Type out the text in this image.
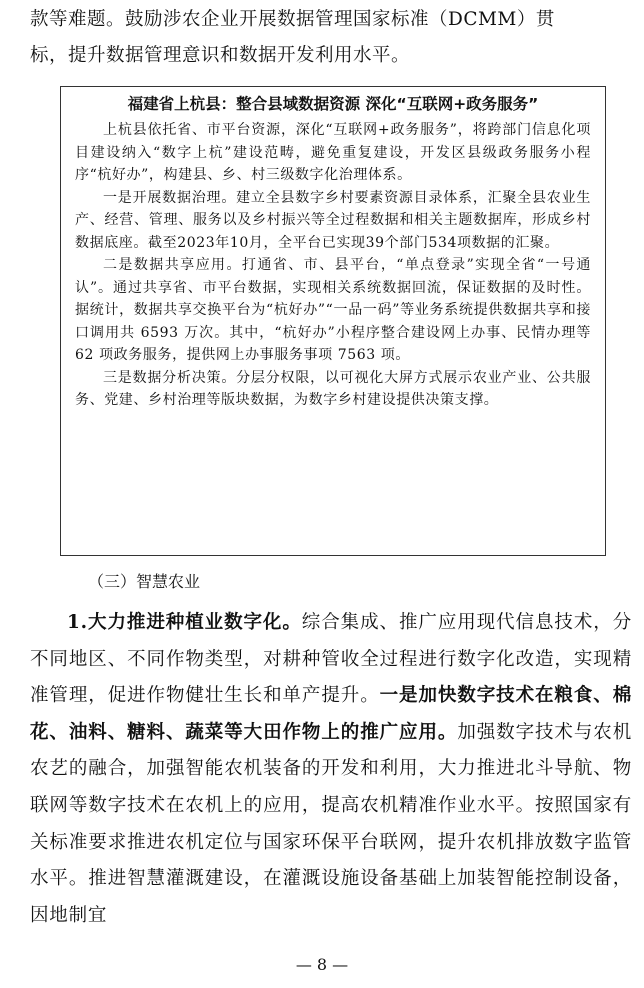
款等难题。鼓励涉农企业开展数据管理国家标准（DCMM）贯

标，提升数据管理意识和数据开发利用水平。

福建省上杭县：整合县域数据资源 深化“互联网+政务服务”

上杭县依托省、市平台资源，深化“互联网+政务服务”，将跨部门信息化项目建设纳入“数字上杭”建设范畴，避免重复建设，开发区县级政务服务小程序“杭好办”，构建县、乡、村三级数字化治理体系。

一是开展数据治理。建立全县数字乡村要素资源目录体系，汇聚全县农业生产、经营、管理、服务以及乡村振兴等全过程数据和相关主题数据库，形成乡村数据底座。截至2023年10月，全平台已实现39个部门534项数据的汇聚。

二是数据共享应用。打通省、市、县平台，“单点登录”实现全省“一号通认”。通过共享省、市平台数据，实现相关系统数据回流，保证数据的及时性。据统计，数据共享交换平台为“杭好办”“一品一码”等业务系统提供数据共享和接口调用共 6593 万次。其中，“杭好办”小程序整合建设网上办事、民情办理等 62 项政务服务，提供网上办事服务事项 7563 项。

三是数据分析决策。分层分权限，以可视化大屏方式展示农业产业、公共服务、党建、乡村治理等版块数据，为数字乡村建设提供决策支撑。

（三）智慧农业

1.大力推进种植业数字化。综合集成、推广应用现代信息技术，分不同地区、不同作物类型，对耕种管收全过程进行数字化改造，实现精准管理，促进作物健壮生长和单产提升。一是加快数字技术在粮食、棉花、油料、糖料、蔬菜等大田作物上的推广应用。加强数字技术与农机农艺的融合，加强智能农机装备的开发和利用，大力推进北斗导航、物联网等数字技术在农机上的应用，提高农机精准作业水平。按照国家有关标准要求推进农机定位与国家环保平台联网，提升农机排放数字监管水平。推进智慧灌溉建设，在灌溉设施设备基础上加装智能控制设备，因地制宜

— 8 —
